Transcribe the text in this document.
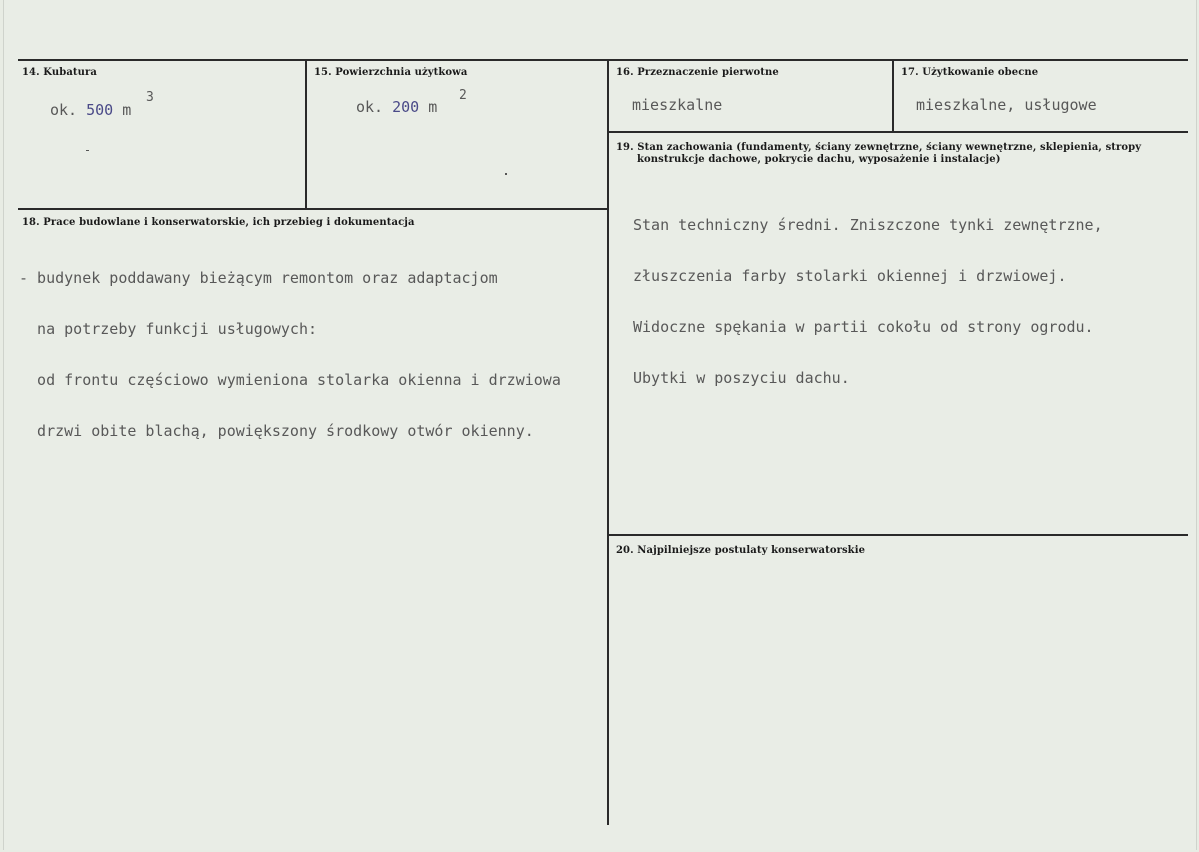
14. Kubatura
ok. 500 m
3
15. Powierzchnia użytkowa
ok. 200 m
2
16. Przeznaczenie pierwotne
mieszkalne
17. Użytkowanie obecne
mieszkalne, usługowe
18. Prace budowlane i konserwatorskie, ich przebieg i dokumentacja

- budynek poddawany bieżącym remontom oraz adaptacjom

na potrzeby funkcji usługowych:

od frontu częściowo wymieniona stolarka okienna i drzwiowa

drzwi obite blachą, powiększony środkowy otwór okienny.

19. Stan zachowania (fundamenty, ściany zewnętrzne, ściany wewnętrzne, sklepienia, stropy
konstrukcje dachowe, pokrycie dachu, wyposażenie i instalacje)

Stan techniczny średni. Zniszczone tynki zewnętrzne,

złuszczenia farby stolarki okiennej i drzwiowej.

Widoczne spękania w partii cokołu od strony ogrodu.

Ubytki w poszyciu dachu.

20. Najpilniejsze postulaty konserwatorskie
